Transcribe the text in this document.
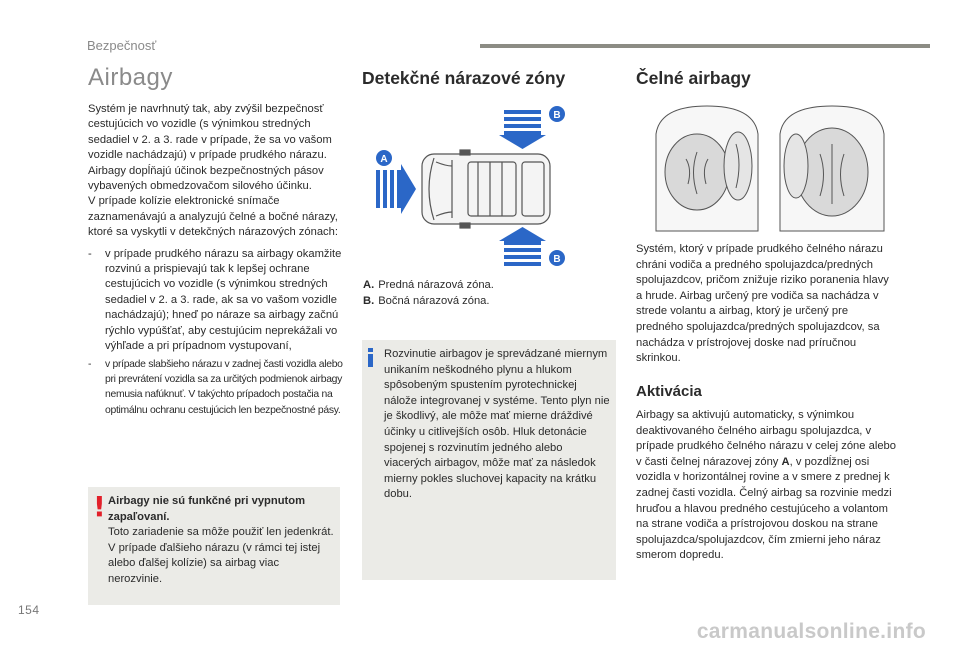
Bezpečnosť
Airbagy

Systém je navrhnutý tak, aby zvýšil bezpečnosť cestujúcich vo vozidle (s výnimkou stredných sedadiel v 2. a 3. rade v prípade, že sa vo vašom vozidle nachádzajú) v prípade prudkého nárazu. Airbagy dopĺňajú účinok bezpečnostných pásov vybavených obmedzovačom silového účinku.

V prípade kolízie elektronické snímače zaznamenávajú a analyzujú čelné a bočné nárazy, ktoré sa vyskytli v detekčných nárazových zónach:

- v prípade prudkého nárazu sa airbagy okamžite rozvinú a prispievajú tak k lepšej ochrane cestujúcich vo vozidle (s výnimkou stredných sedadiel v 2. a 3. rade, ak sa vo vašom vozidle nachádzajú); hneď po náraze sa airbagy začnú rýchlo vypúšťať, aby cestujúcim neprekážali vo výhľade a pri prípadnom vystupovaní,
- v prípade slabšieho nárazu v zadnej časti vozidla alebo pri prevrátení vozidla sa za určitých podmienok airbagy nemusia nafúknuť. V takýchto prípadoch postačia na optimálnu ochranu cestujúcich len bezpečnostné pásy.
! Airbagy nie sú funkčné pri vypnutom zapaľovaní.
Toto zariadenie sa môže použiť len jedenkrát. V prípade ďalšieho nárazu (v rámci tej istej alebo ďalšej kolízie) sa airbag viac nerozvinie.
Detekčné nárazové zóny
B
A
B
A. Predná nárazová zóna.
B. Bočná nárazová zóna.
Rozvinutie airbagov je sprevádzané miernym unikaním neškodného plynu a hlukom spôsobeným spustením pyrotechnickej nálože integrovanej v systéme. Tento plyn nie je škodlivý, ale môže mať mierne dráždivé účinky u citlivejších osôb. Hluk detonácie spojenej s rozvinutím jedného alebo viacerých airbagov, môže mať za následok mierny pokles sluchovej kapacity na krátku dobu.
Čelné airbagy
Systém, ktorý v prípade prudkého čelného nárazu chráni vodiča a predného spolujazdca/predných spolujazdcov, pričom znižuje riziko poranenia hlavy a hrude. Airbag určený pre vodiča sa nachádza v strede volantu a airbag, ktorý je určený pre predného spolujazdca/predných spolujazdcov, sa nachádza v prístrojovej doske nad príručnou skrinkou.
Aktivácia
Airbagy sa aktivujú automaticky, s výnimkou deaktivovaného čelného airbagu spolujazdca, v prípade prudkého čelného nárazu v celej zóne alebo v časti čelnej nárazovej zóny A, v pozdĺžnej osi vozidla v horizontálnej rovine a v smere z prednej k zadnej časti vozidla. Čelný airbag sa rozvinie medzi hruďou a hlavou predného cestujúceho a volantom na strane vodiča a prístrojovou doskou na strane spolujazdca/spolujazdcov, čím zmierni jeho náraz smerom dopredu.
154
carmanualsonline.info
